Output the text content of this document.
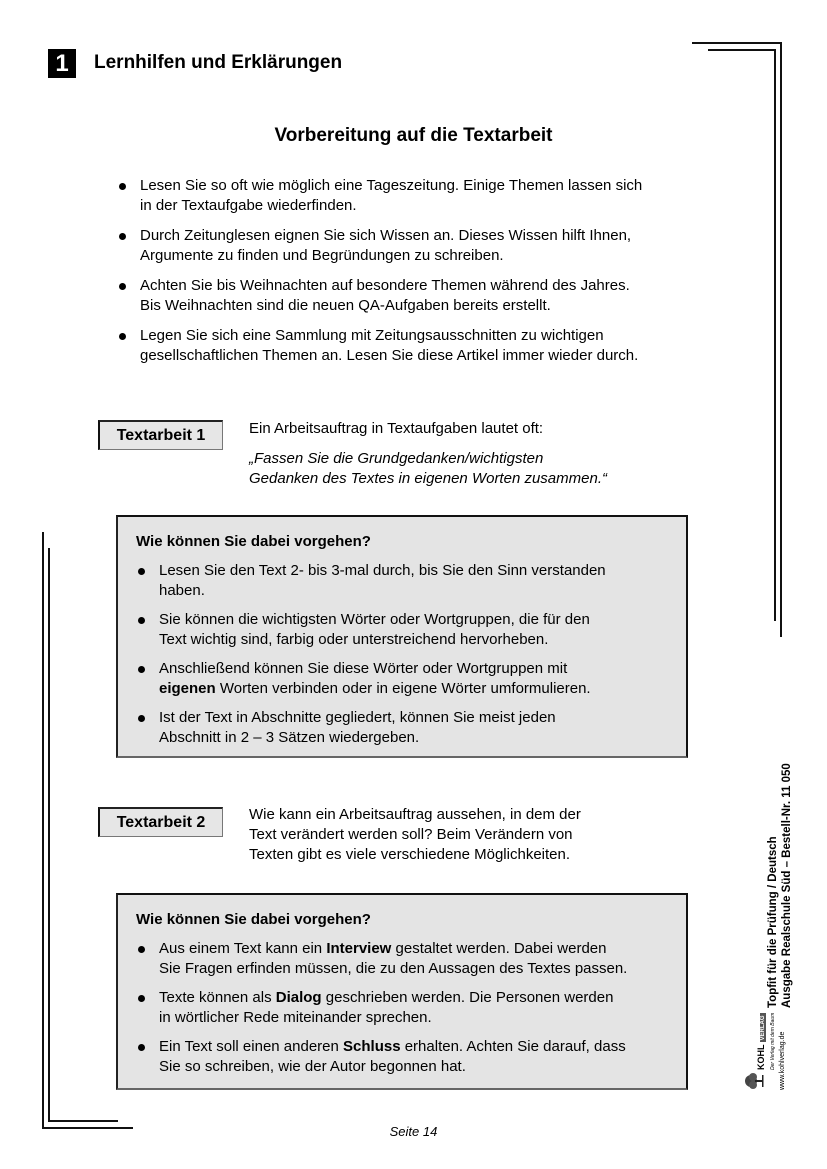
1	Lernhilfen und Erklärungen
Vorbereitung auf die Textarbeit
Lesen Sie so oft wie möglich eine Tageszeitung. Einige Themen lassen sich
in der Textaufgabe wiederfinden.
Durch Zeitunglesen eignen Sie sich Wissen an. Dieses Wissen hilft Ihnen,
Argumente zu finden und Begründungen zu schreiben.
Achten Sie bis Weihnachten auf besondere Themen während des Jahres.
Bis Weihnachten sind die neuen QA-Aufgaben bereits erstellt.
Legen Sie sich eine Sammlung mit Zeitungsausschnitten zu wichtigen
gesellschaftlichen Themen an. Lesen Sie diese Artikel immer wieder durch.
Textarbeit 1	Ein Arbeitsauftrag in Textaufgaben lautet oft:
„Fassen Sie die Grundgedanken/wichtigsten
Gedanken des Textes in eigenen Worten zusammen.“
Wie können Sie dabei vorgehen?
Lesen Sie den Text 2- bis 3-mal durch, bis Sie den Sinn verstanden
haben.
Sie können die wichtigsten Wörter oder Wortgruppen, die für den
Text wichtig sind, farbig oder unterstreichend hervorheben.
Anschließend können Sie diese Wörter oder Wortgruppen mit
eigenen Worten verbinden oder in eigene Wörter umformulieren.
Ist der Text in Abschnitte gegliedert, können Sie meist jeden
Abschnitt in 2 – 3 Sätzen wiedergeben.
Textarbeit 2	Wie kann ein Arbeitsauftrag aussehen, in dem der
Text verändert werden soll? Beim Verändern von
Texten gibt es viele verschiedene Möglichkeiten.
Wie können Sie dabei vorgehen?
Aus einem Text kann ein Interview gestaltet werden. Dabei werden
Sie Fragen erfinden müssen, die zu den Aussagen des Textes passen.
Texte können als Dialog geschrieben werden. Die Personen werden
in wörtlicher Rede miteinander sprechen.
Ein Text soll einen anderen Schluss erhalten. Achten Sie darauf, dass
Sie so schreiben, wie der Autor begonnen hat.
Seite 14
KOHLVERLAG Der Verlag mit dem Baum www.kohlverlag.de
Topfit für die Prüfung / Deutsch Ausgabe Realschule Süd – Bestell-Nr. 11 050
